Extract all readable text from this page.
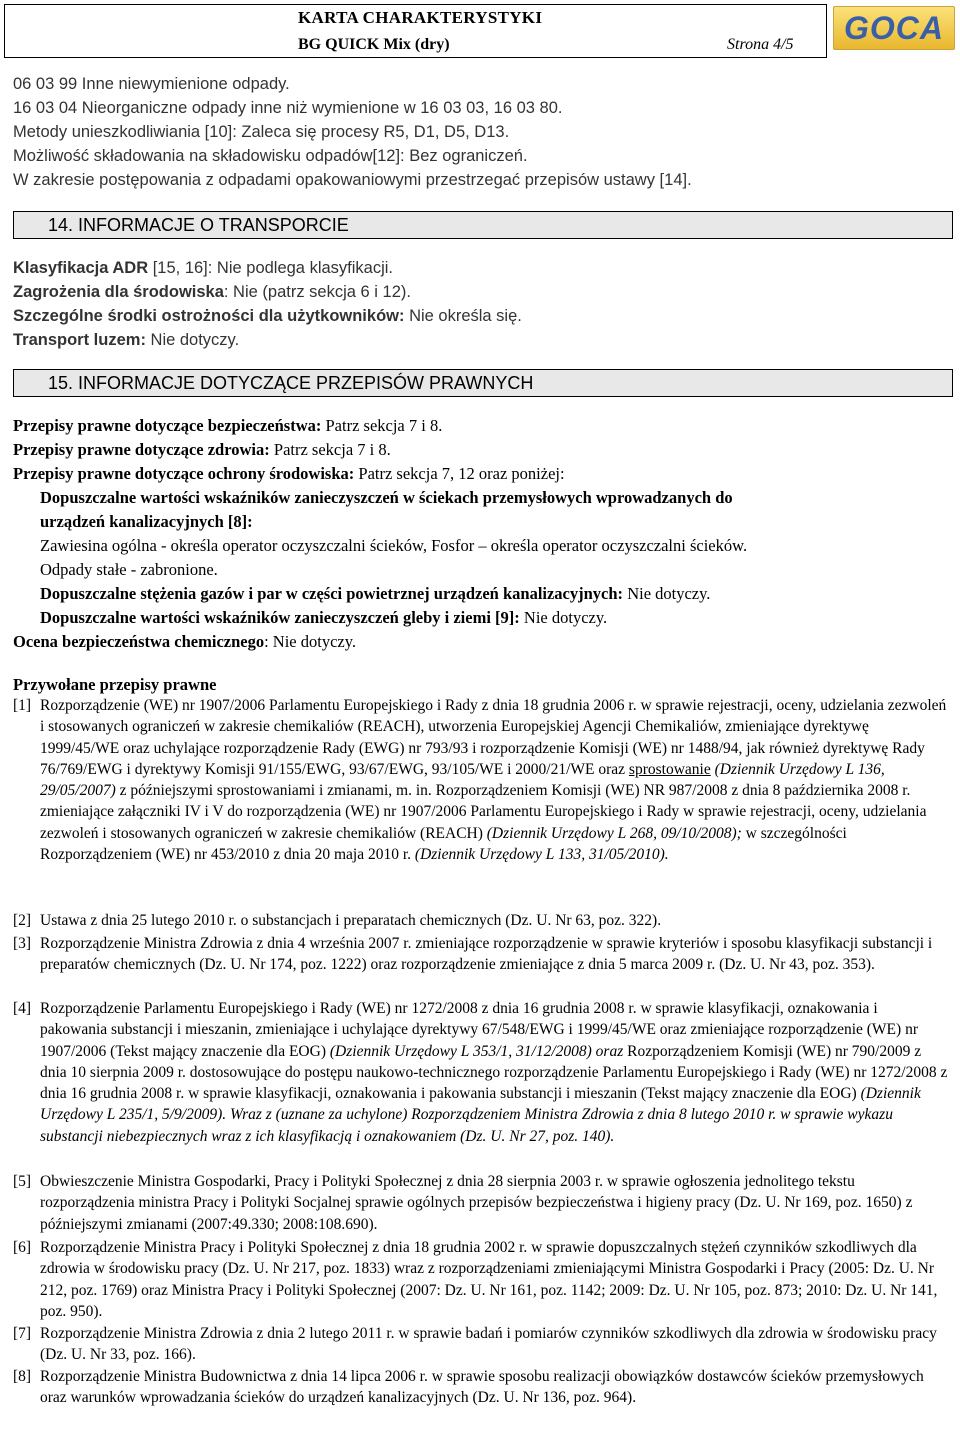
KARTA CHARAKTERYSTYKI
BG QUICK Mix (dry)	Strona 4/5	GOCA
06 03 99 Inne niewymienione odpady.
16 03 04 Nieorganiczne odpady inne niż wymienione w 16 03 03, 16 03 80.
Metody unieszkodliwiania [10]: Zaleca się procesy R5, D1, D5, D13.
Możliwość składowania na składowisku odpadów[12]: Bez ograniczeń.
W zakresie postępowania z odpadami opakowaniowymi przestrzegać przepisów ustawy [14].
14. INFORMACJE O TRANSPORCIE
Klasyfikacja ADR [15, 16]: Nie podlega klasyfikacji.
Zagrożenia dla środowiska: Nie (patrz sekcja 6 i 12).
Szczególne środki ostrożności dla użytkowników: Nie określa się.
Transport luzem: Nie dotyczy.
15. INFORMACJE DOTYCZĄCE PRZEPISÓW PRAWNYCH
Przepisy prawne dotyczące bezpieczeństwa: Patrz sekcja 7 i 8.
Przepisy prawne dotyczące zdrowia: Patrz sekcja 7 i 8.
Przepisy prawne dotyczące ochrony środowiska: Patrz sekcja 7, 12 oraz poniżej:
Dopuszczalne wartości wskaźników zanieczyszczeń w ściekach przemysłowych wprowadzanych do
urządzeń kanalizacyjnych [8]:
Zawiesina ogólna - określa operator oczyszczalni ścieków, Fosfor – określa operator oczyszczalni ścieków.
Odpady stałe - zabronione.
Dopuszczalne stężenia gazów i par w części powietrznej urządzeń kanalizacyjnych: Nie dotyczy.
Dopuszczalne wartości wskaźników zanieczyszczeń gleby i ziemi [9]: Nie dotyczy.
Ocena bezpieczeństwa chemicznego: Nie dotyczy.
Przywołane przepisy prawne
[1] Rozporządzenie (WE) nr 1907/2006 Parlamentu Europejskiego i Rady z dnia 18 grudnia 2006 r. w sprawie rejestracji, oceny, udzielania zezwoleń i stosowanych ograniczeń w zakresie chemikaliów (REACH), utworzenia Europejskiej Agencji Chemikaliów, zmieniające dyrektywę 1999/45/WE oraz uchylające rozporządzenie Rady (EWG) nr 793/93 i rozporządzenie Komisji (WE) nr 1488/94, jak również dyrektywę Rady 76/769/EWG i dyrektywy Komisji 91/155/EWG, 93/67/EWG, 93/105/WE i 2000/21/WE oraz sprostowanie (Dziennik Urzędowy L 136, 29/05/2007) z późniejszymi sprostowaniami i zmianami, m. in. Rozporządzeniem Komisji (WE) NR 987/2008 z dnia 8 października 2008 r. zmieniające załączniki IV i V do rozporządzenia (WE) nr 1907/2006 Parlamentu Europejskiego i Rady w sprawie rejestracji, oceny, udzielania zezwoleń i stosowanych ograniczeń w zakresie chemikaliów (REACH) (Dziennik Urzędowy L 268, 09/10/2008); w szczególności Rozporządzeniem (WE) nr 453/2010 z dnia 20 maja 2010 r. (Dziennik Urzędowy L 133, 31/05/2010).
[2] Ustawa z dnia 25 lutego 2010 r. o substancjach i preparatach chemicznych (Dz. U. Nr 63, poz. 322).
[3] Rozporządzenie Ministra Zdrowia z dnia 4 września 2007 r. zmieniające rozporządzenie w sprawie kryteriów i sposobu klasyfikacji substancji i preparatów chemicznych (Dz. U. Nr 174, poz. 1222) oraz rozporządzenie zmieniające z dnia 5 marca 2009 r. (Dz. U. Nr 43, poz. 353).
[4] Rozporządzenie Parlamentu Europejskiego i Rady (WE) nr 1272/2008 z dnia 16 grudnia 2008 r. w sprawie klasyfikacji, oznakowania i pakowania substancji i mieszanin, zmieniające i uchylające dyrektywy 67/548/EWG i 1999/45/WE oraz zmieniające rozporządzenie (WE) nr 1907/2006 (Tekst mający znaczenie dla EOG) (Dziennik Urzędowy L 353/1, 31/12/2008) oraz Rozporządzeniem Komisji (WE) nr 790/2009 z dnia 10 sierpnia 2009 r. dostosowujące do postępu naukowo-technicznego rozporządzenie Parlamentu Europejskiego i Rady (WE) nr 1272/2008 z dnia 16 grudnia 2008 r. w sprawie klasyfikacji, oznakowania i pakowania substancji i mieszanin (Tekst mający znaczenie dla EOG) (Dziennik Urzędowy L 235/1, 5/9/2009). Wraz z (uznane za uchylone) Rozporządzeniem Ministra Zdrowia z dnia 8 lutego 2010 r. w sprawie wykazu substancji niebezpiecznych wraz z ich klasyfikacją i oznakowaniem (Dz. U. Nr 27, poz. 140).
[5] Obwieszczenie Ministra Gospodarki, Pracy i Polityki Społecznej z dnia 28 sierpnia 2003 r. w sprawie ogłoszenia jednolitego tekstu rozporządzenia ministra Pracy i Polityki Socjalnej sprawie ogólnych przepisów bezpieczeństwa i higieny pracy (Dz. U. Nr 169, poz. 1650) z późniejszymi zmianami (2007:49.330; 2008:108.690).
[6] Rozporządzenie Ministra Pracy i Polityki Społecznej z dnia 18 grudnia 2002 r. w sprawie dopuszczalnych stężeń czynników szkodliwych dla zdrowia w środowisku pracy (Dz. U. Nr 217, poz. 1833) wraz z rozporządzeniami zmieniającymi Ministra Gospodarki i Pracy (2005: Dz. U. Nr 212, poz. 1769) oraz Ministra Pracy i Polityki Społecznej (2007: Dz. U. Nr 161, poz. 1142; 2009: Dz. U. Nr 105, poz. 873; 2010: Dz. U. Nr 141, poz. 950).
[7] Rozporządzenie Ministra Zdrowia z dnia 2 lutego 2011 r. w sprawie badań i pomiarów czynników szkodliwych dla zdrowia w środowisku pracy (Dz. U. Nr 33, poz. 166).
[8] Rozporządzenie Ministra Budownictwa z dnia 14 lipca 2006 r. w sprawie sposobu realizacji obowiązków dostawców ścieków przemysłowych oraz warunków wprowadzania ścieków do urządzeń kanalizacyjnych (Dz. U. Nr 136, poz. 964).
